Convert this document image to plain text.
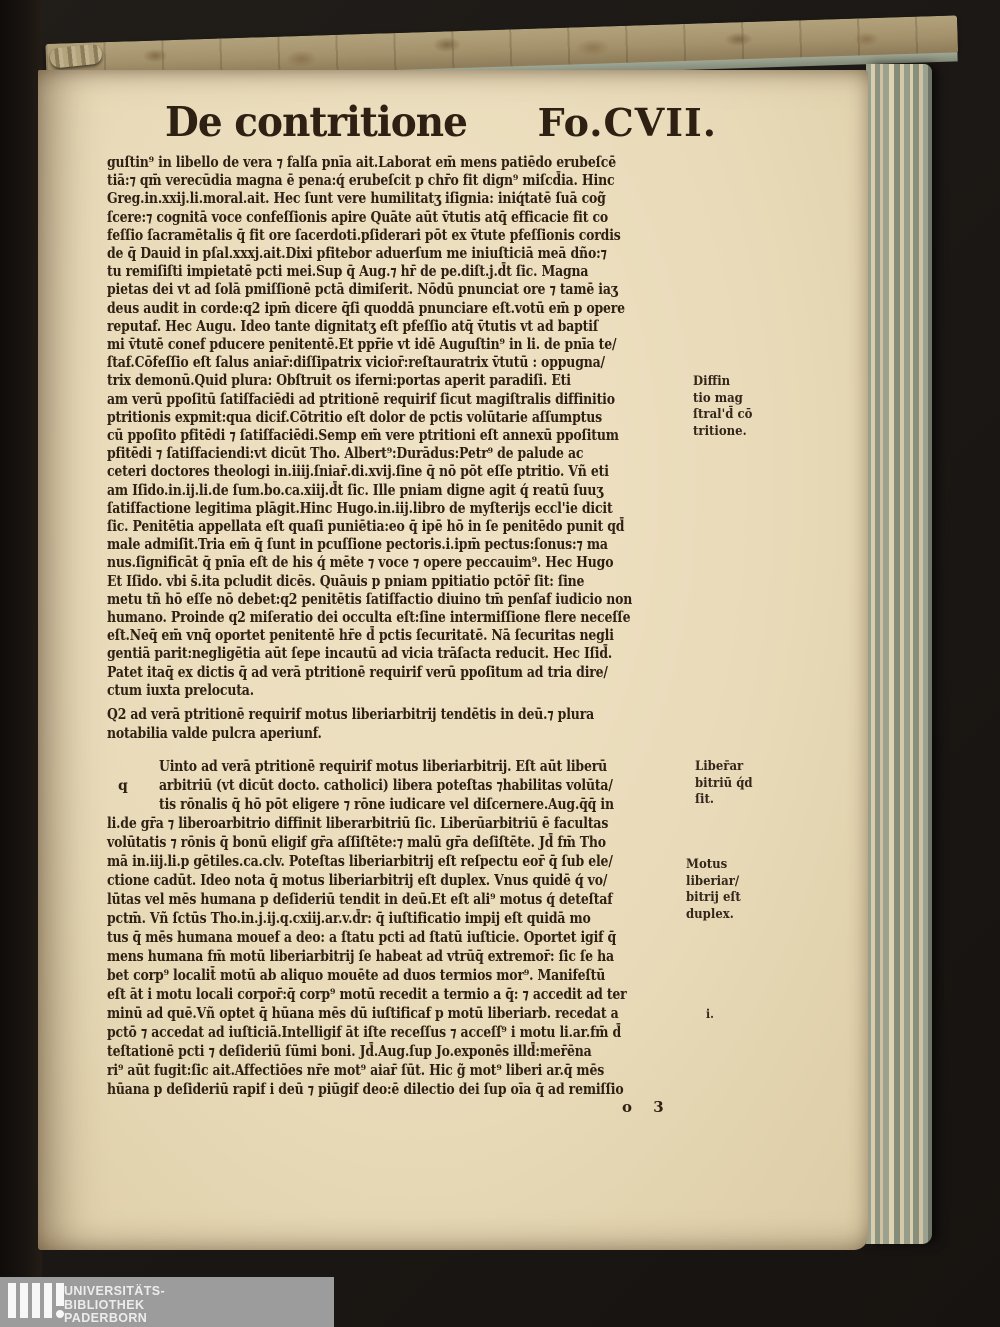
De contritione Fo.CVII.
guſtin⁹ in libello de vera ⁊ falſa pnīa ait.Laborat em̄ mens patiēdo erubeſcē
tiā:⁊ qm̄ verecūdia magna ē pena:q́ erubeſcit p chr̄o fit dign⁹ miſcd̄ia. Hinc
Greg.in.xxij.li.moral.ait. Hec ſunt vere humilitatʒ iſignia: iniq́tatē ſuā cog̃
ſcere:⁊ cognitā voce confeſſionis apire Quāte aūt v̄tutis atq̄ efficacie fit co
feſſio ſacramētalis q̄ fit ore ſacerdoti.pſiderari pōt ex v̄tute pfeſſionis cordis
de q̄ Dauid in pſal.xxxj.ait.Dixi pfitebor aduerſum me iniuſticiā meā dño:⁊
tu remiſiſti impietatē pcti mei.Sup q̄ Aug.⁊ hr̄ de pe.diſt.j.d̄t ſic. Magna
pietas dei vt ad ſolā pmiſſionē pctā dimiſerit. Nōdū pnunciat ore ⁊ tamē iaʒ
deus audit in corde:q2 ipm̄ dicere q̄ſi quoddā pnunciare eſt.votū em̄ p opere
reputaf. Hec Augu. Ideo tante dignitatʒ eſt pfeſſio atq̄ v̄tutis vt ad baptiſ
mi v̄tutē conef pducere penitentē.Et ppr̄ie vt idē Auguſtin⁹ in li. de pnīa te/
ſtaf.Cōfeſſio eſt ſalus aniar̄:diſſipatrix vicior̄:reſtauratrix v̄tutū : oppugna/
trix demonū.Quid plura: Obſtruit os iferni:portas aperit paradiſi. Eti
am verū ppoſitū ſatiſfaciēdi ad ptritionē requirif ſicut magiſtralis diffinitio
ptritionis expmit:qua dicif.Cōtritio eſt dolor de pctis volūtarie aſſumptus
cū ppoſito pfitēdi ⁊ ſatiſfaciēdi.Semp em̄ vere ptritioni eſt annexū ppoſitum
pfitēdi ⁊ ſatiſfaciendi:vt dicūt Tho. Albert⁹:Durādus:Petr⁹ de palude ac
ceteri doctores theologi in.iiij.ſniar̄.di.xvij.ſine q̄ nō pōt eſſe ptritio. Vñ eti
am Iſido.in.ij.li.de ſum.bo.ca.xiij.d̄t ſic. Ille pniam digne agit q́ reatū ſuuʒ
ſatiſfactione legitima plāgit.Hinc Hugo.in.iij.libro de myſterijs eccl'ie dicit
ſic. Penitētia appellata eſt quaſi puniētia:eo q̄ ipē hō in ſe penitēdo punit qd̄
male admiſit.Tria em̄ q̄ ſunt in pcuſſione pectoris.i.ipm̄ pectus:ſonus:⁊ ma
nus.ſignificāt q̄ pnīa eſt de his q́ mēte ⁊ voce ⁊ opere peccauim⁹. Hec Hugo
Et Iſido. vbi s̄.ita pcludit dicēs. Quāuis p pniam ppitiatio pctōr̄ ſit: ſine
metu tñ hō eſſe nō debet:q2 penitētis ſatiſfactio diuino tm̄ penſaf iudicio non
humano. Proinde q2 miſeratio dei occulta eſt:ſine intermiſſione flere neceſſe
eſt.Neq̄ em̄ vnq̄ oportet penitentē hr̄e d̄ pctis ſecuritatē. Nā ſecuritas negli
gentiā parit:negligētia aūt ſepe incautū ad vicia trāſacta reducit. Hec Iſid̄.
Patet itaq̄ ex dictis q̄ ad verā ptritionē requirif verū ppoſitum ad tria dire/
ctum iuxta prelocuta.
Q2 ad verā ptritionē requirif motus liberiarbitrij tendētis in deū.⁊ plura
notabilia valde pulcra aperiunf.
q
Uinto ad verā ptritionē requirif motus liberiarbitrij. Eſt aūt liberū
arbitriū (vt dicūt docto. catholici) libera poteſtas ⁊habilitas volūta/
tis rōnalis q̄ hō pōt eligere ⁊ rōne iudicare vel diſcernere.Aug.q̄q̄ in
li.de gr̄a ⁊ liberoarbitrio diffinit liberarbitriū ſic. Liberūarbitriū ē facultas
volūtatis ⁊ rōnis q̄ bonū eligif gr̄a aſſiſtēte:⁊ malū gr̄a deſiſtēte. Jd̄ fm̄ Tho
mā in.iij.li.p gētiles.ca.clv. Poteſtas liberiarbitrij eſt reſpectu eor̄ q̄ ſub ele/
ctione cadūt. Ideo nota q̄ motus liberiarbitrij eſt duplex. Vnus quidē q́ vo/
lūtas vel mēs humana p deſideriū tendit in deū.Et eſt ali⁹ motus q́ deteſtaf
pctm̄. Vñ ſctūs Tho.in.j.ij.q.cxiij.ar.v.d̄r: q̄ iuſtificatio impij eſt quidā mo
tus q̄ mēs humana mouef a deo: a ſtatu pcti ad ſtatū iuſticie. Oportet igif q̄
mens humana fm̄ motū liberiarbitrij ſe habeat ad vtrūq̄ extremor̄: ſic ſe ha
bet corp⁹ localit̄ motū ab aliquo mouēte ad duos termios mor⁹. Manifeſtū
eſt āt i motu locali corpor̄:q̄ corp⁹ motū recedit a termio a q̄: ⁊ accedit ad ter
minū ad quē.Vñ optet q̄ hūana mēs dū iuſtificaf p motū liberiarb. recedat a
pctō ⁊ accedat ad iuſticiā.Intelligif āt iſte receſſus ⁊ acceſſ⁹ i motu li.ar.fm̄ d̄
teſtationē pcti ⁊ deſideriū ſūmi boni. Jd̄.Aug.ſup Jo.exponēs illd̄:mer̄ēna
ri⁹ aūt fugit:ſic ait.Affectiōes nr̄e mot⁹ aiar̄ ſūt. Hic g̃ mot⁹ liberi ar.q̄ mēs
hūana p deſideriū rapif i deū ⁊ piūgif deo:ē dilectio dei ſup oīa q̄ ad remiſſio
Diffin
tio mag
ſtral'd̄ cō
tritione.
Liber̄ar
bitriū q́d
ſit.
Motus
liberiar/
bitrij eſt
duplex.
i.
o 3
UNIVERSITÄTS-
BIBLIOTHEK
PADERBORN
